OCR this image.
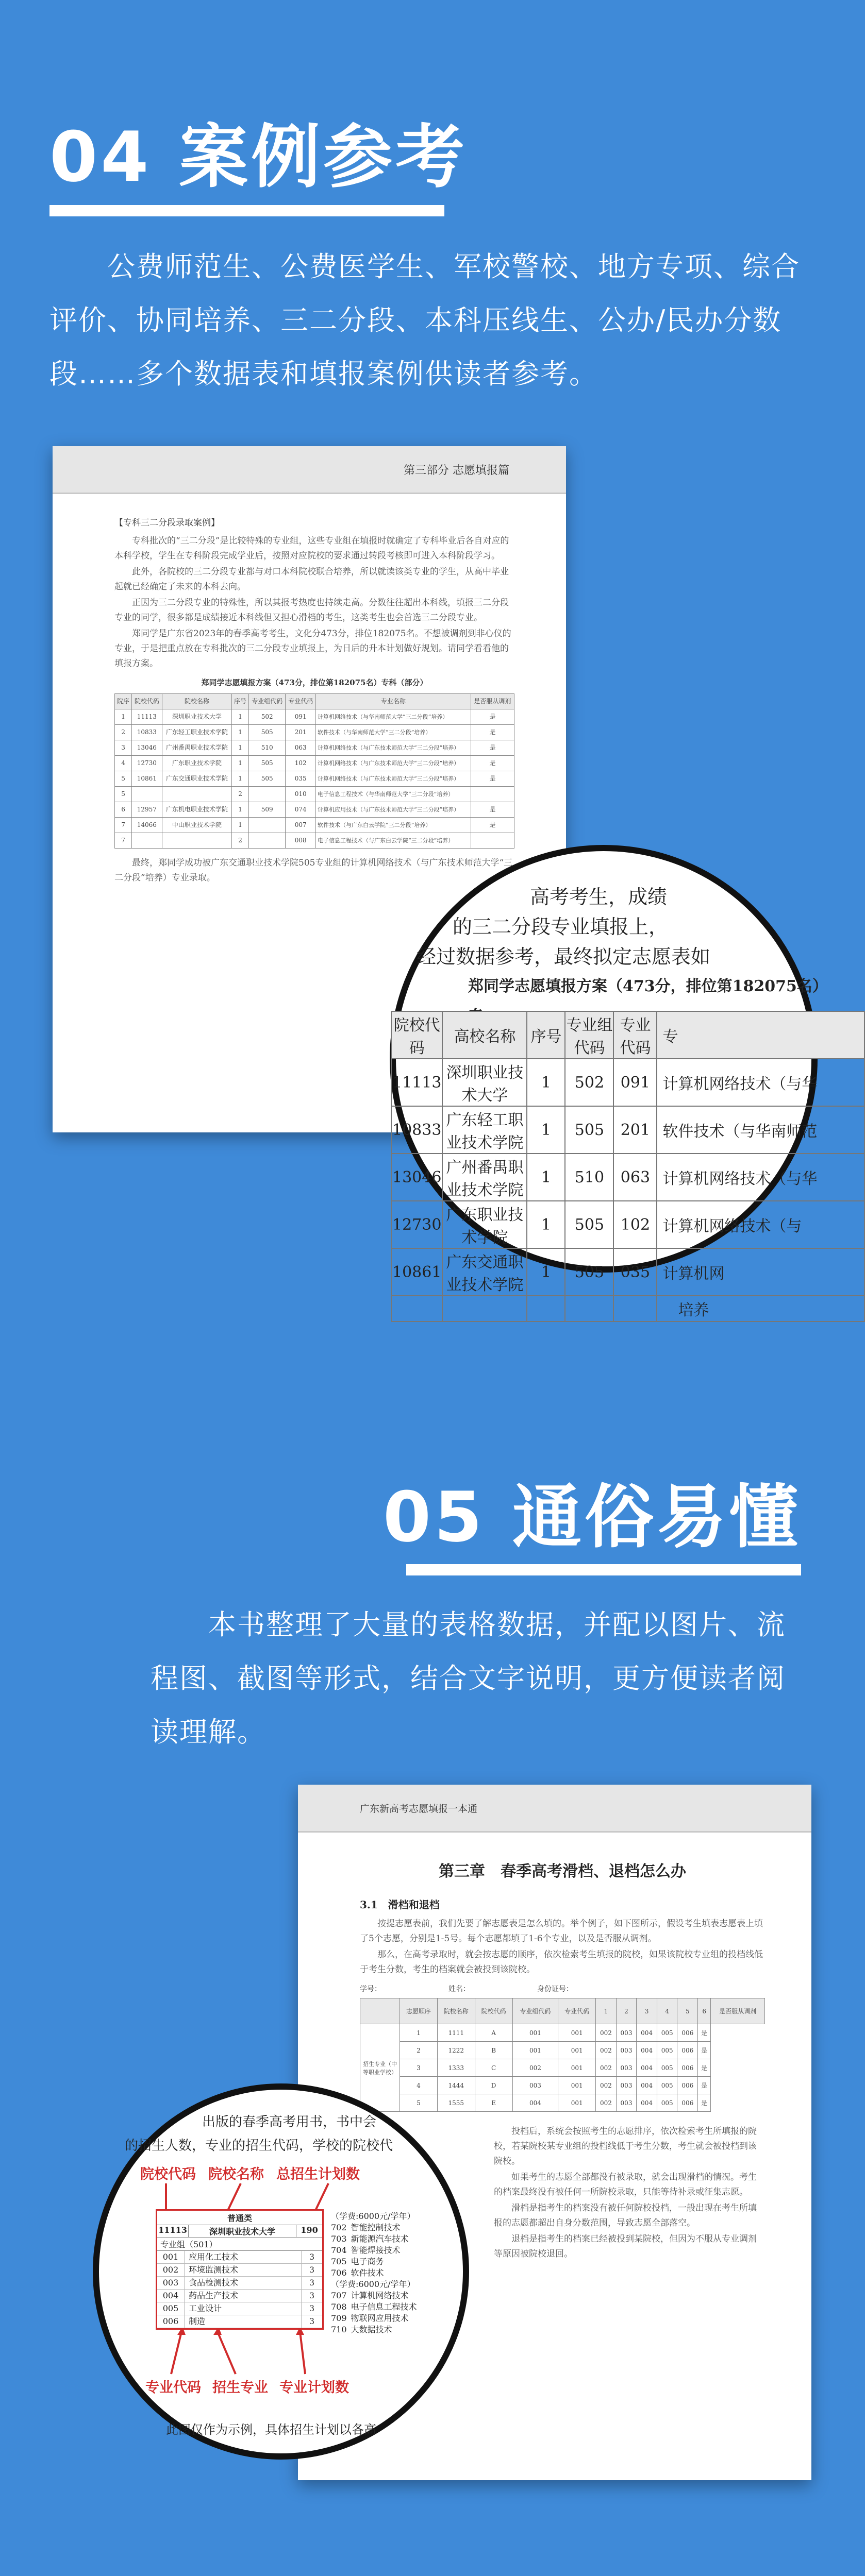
04 案例参考
公费师范生、公费医学生、军校警校、地方专项、综合评价、协同培养、三二分段、本科压线生、公办/民办分数段……多个数据表和填报案例供读者参考。
第三部分 志愿填报篇
【专科三二分段录取案例】

专科批次的“三二分段”是比较特殊的专业组，这些专业组在填报时就确定了专科毕业后各自对应的本科学校，学生在专科阶段完成学业后，按照对应院校的要求通过转段考核即可进入本科阶段学习。

此外，各院校的三二分段专业都与对口本科院校联合培养，所以就读该类专业的学生，从高中毕业起就已经确定了未来的本科去向。

正因为三二分段专业的特殊性，所以其报考热度也持续走高。分数往往超出本科线，填报三二分段专业的同学，很多都是成绩接近本科线但又担心滑档的考生，这类考生也会首选三二分段专业。

郑同学是广东省2023年的春季高考考生，文化分473分，排位182075名。不想被调剂到非心仪的专业，于是把重点放在专科批次的三二分段专业填报上，为日后的升本计划做好规划。请同学看看他的填报方案。

郑同学志愿填报方案（473分，排位第182075名）专科（部分）
院序	院校代码	院校名称	序号	专业组代码	专业代码	专业名称	是否服从调剂
1	11113	深圳职业技术大学	1	502	091	计算机网络技术（与华南师范大学“三二分段”培养）	是
2	10833	广东轻工职业技术学院	1	505	201	软件技术（与华南师范大学“三二分段”培养）	是
3	13046	广州番禺职业技术学院	1	510	063	计算机网络技术（与广东技术师范大学“三二分段”培养）	是
4	12730	广东职业技术学院	1	505	102	计算机网络技术（与广东技术师范大学“三二分段”培养）	是
5	10861	广东交通职业技术学院	1	505	035	计算机网络技术（与广东技术师范大学“三二分段”培养）	是
5			2		010	电子信息工程技术（与华南师范大学“三二分段”培养）	
6	12957	广东机电职业技术学院	1	509	074	计算机应用技术（与广东技术师范大学“三二分段”培养）	是
7	14066	中山职业技术学院	1		007	软件技术（与广东白云学院“三二分段”培养）	是
7			2		008	电子信息工程技术（与广东白云学院“三二分段”培养）	

最终，郑同学成功被广东交通职业技术学院505专业组的计算机网络技术（与广东技术师范大学“三二分段”培养）专业录取。

高考考生，成绩
的三二分段专业填报上，
经过数据参考，最终拟定志愿表如
郑同学志愿填报方案（473分，排位第182075名）
院校代码	高校名称	序号	专业组代码	专业代码	专
11113	深圳职业技术大学	1	502	091	计算机网络技术（与华
10833	广东轻工职业技术学院	1	505	201	软件技术（与华南师范
13046	广州番禺职业技术学院	1	510	063	计算机网络技术（与华
12730	广东职业技术学院	1	505	102	计算机网络技术（与
10861	广东交通职业技术学院	1	505	035	计算机网
					培养
05 通俗易懂
本书整理了大量的表格数据，并配以图片、流程图、截图等形式，结合文字说明，更方便读者阅读理解。
广东新高考志愿填报一本通
第三章　春季高考滑档、退档怎么办
3.1　滑档和退档

按提志愿表前，我们先要了解志愿表是怎么填的。举个例子，如下图所示，假设考生填表志愿表上填了5个志愿，分别是1-5号。每个志愿都填了1-6个专业，以及是否服从调剂。

那么，在高考录取时，就会按志愿的顺序，依次检索考生填报的院校，如果该院校专业组的投档线低于考生分数，考生的档案就会被投到该院校。

学号：	姓名：	身份证号：
	志愿顺序	院校名称	院校代码	专业组代码	专业代码	1	2	3	4	5	6	是否服从调剂
招生专业（中等职业学校）	1	1111	A	001	001	002	003	004	005	006	是	
	2	1222	B	001	001	002	003	004	005	006	是	
	3	1333	C	002	001	002	003	004	005	006	是	
	4	1444	D	003	001	002	003	004	005	006	是	
	5	1555	E	004	001	002	003	004	005	006	是	

投档后，系统会按照考生的志愿排序，依次检索考生所填报的院校，若某院校某专业组的投档线低于考生分数，考生就会被投档到该院校。

如果考生的志愿全部都没有被录取，就会出现滑档的情况。考生的档案最终没有被任何一所院校录取，只能等待补录或征集志愿。

滑档是指考生的档案没有被任何院校投档，一般出现在考生所填报的志愿都超出自身分数范围，导致志愿全部落空。

退档是指考生的档案已经被投到某院校，但因为不服从专业调剂等原因被院校退回。

出版的春季高考用书，书中会
的招生人数，专业的招生代码，学校的院校代
院校代码 院校名称 总招生计划数
普通类
11113	深圳职业技术大学	190
专业组（501）
001	应用化工技术	3
002	环境监测技术	3
003	食品检测技术	3
004	药品生产技术	3
005	工业设计	3
006	制造	3
（学费:6000元/学年）
702 智能控制技术
703 新能源汽车技术
704 智能焊接技术
705 电子商务
706 软件技术
（学费:6000元/学年）
707 计算机网络技术
708 电子信息工程技术
709 物联网应用技术
710 大数据技术
专业代码 招生专业 专业计划数
此图仅作为示例，具体招生计划以各高
